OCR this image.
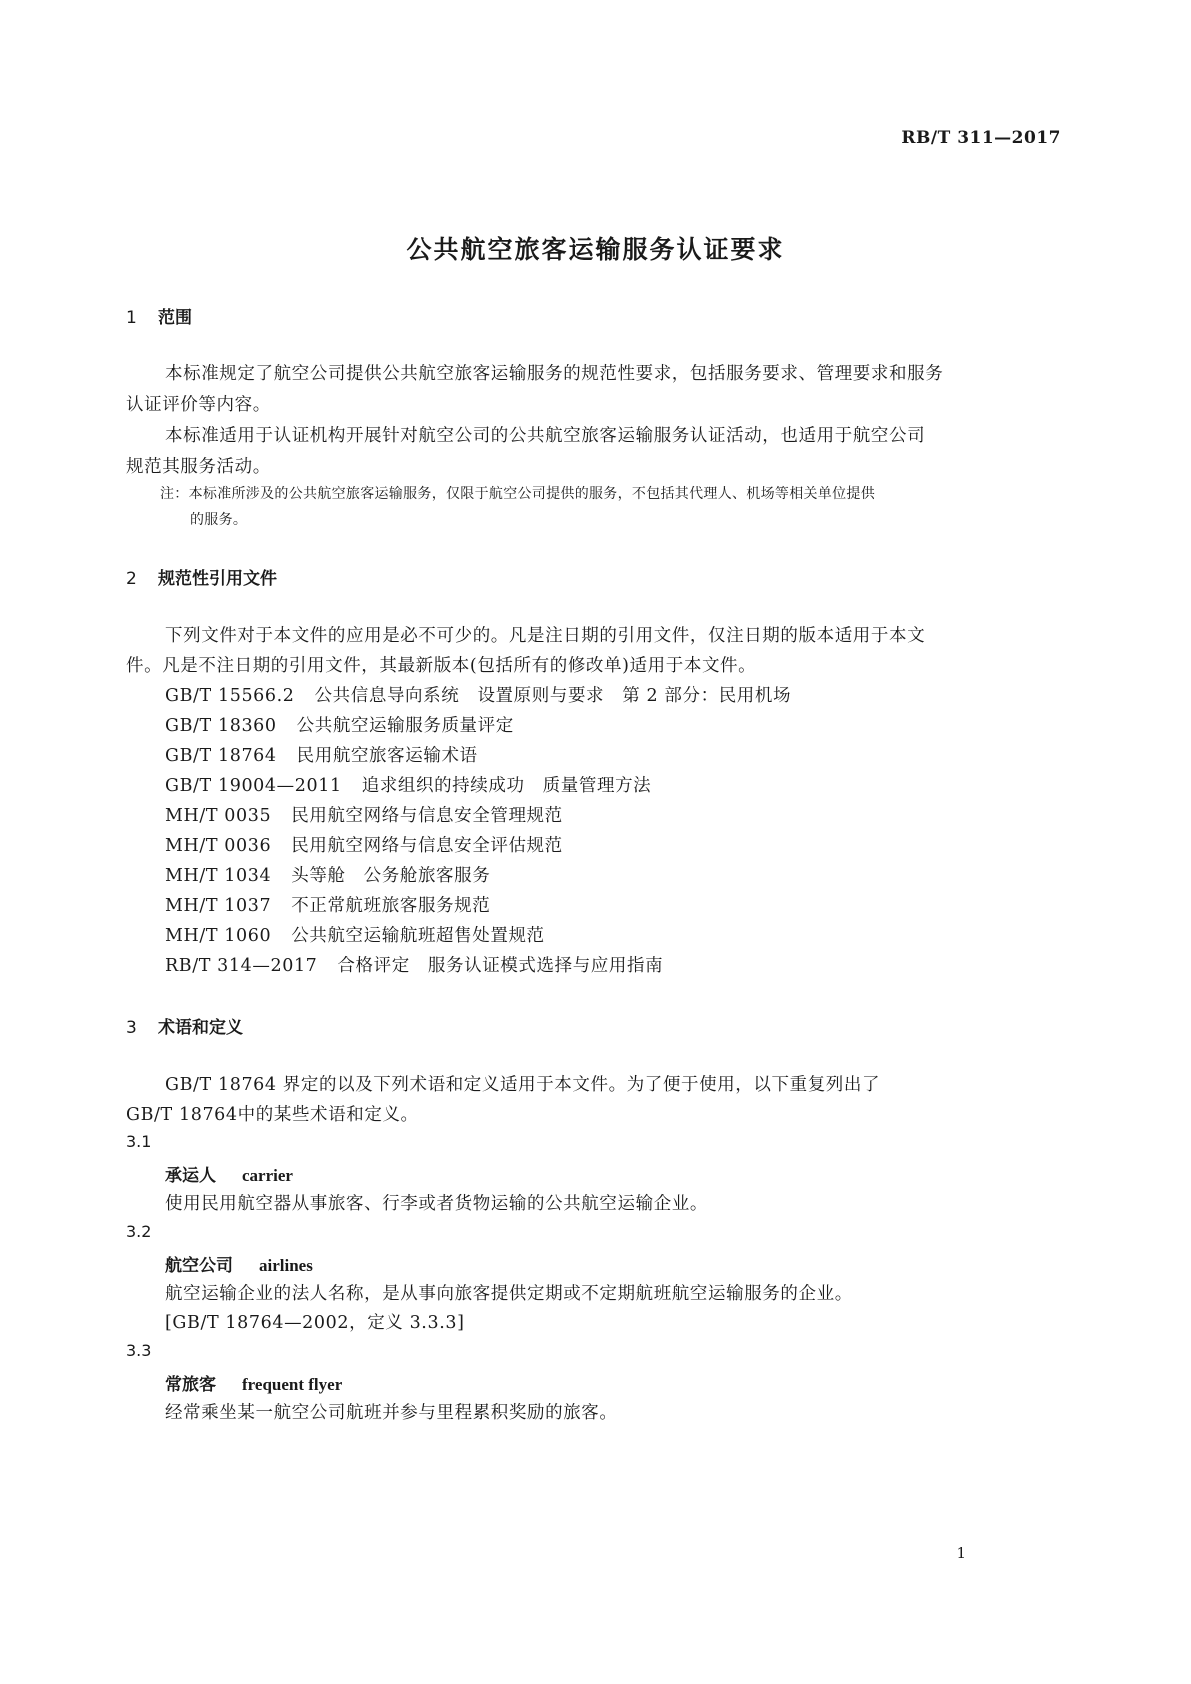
RB/T 311—2017
公共航空旅客运输服务认证要求
1 范围
本标准规定了航空公司提供公共航空旅客运输服务的规范性要求，包括服务要求、管理要求和服务
认证评价等内容。
本标准适用于认证机构开展针对航空公司的公共航空旅客运输服务认证活动，也适用于航空公司
规范其服务活动。
注：本标准所涉及的公共航空旅客运输服务，仅限于航空公司提供的服务，不包括其代理人、机场等相关单位提供
的服务。
2 规范性引用文件
下列文件对于本文件的应用是必不可少的。凡是注日期的引用文件，仅注日期的版本适用于本文
件。凡是不注日期的引用文件，其最新版本(包括所有的修改单)适用于本文件。
GB/T 15566.2 公共信息导向系统　设置原则与要求　第 2 部分：民用机场
GB/T 18360 公共航空运输服务质量评定
GB/T 18764 民用航空旅客运输术语
GB/T 19004—2011 追求组织的持续成功　质量管理方法
MH/T 0035 民用航空网络与信息安全管理规范
MH/T 0036 民用航空网络与信息安全评估规范
MH/T 1034 头等舱　公务舱旅客服务
MH/T 1037 不正常航班旅客服务规范
MH/T 1060 公共航空运输航班超售处置规范
RB/T 314—2017 合格评定　服务认证模式选择与应用指南
3 术语和定义
GB/T 18764 界定的以及下列术语和定义适用于本文件。为了便于使用，以下重复列出了
GB/T 18764中的某些术语和定义。
3.1
承运人 carrier
使用民用航空器从事旅客、行李或者货物运输的公共航空运输企业。
3.2
航空公司 airlines
航空运输企业的法人名称，是从事向旅客提供定期或不定期航班航空运输服务的企业。
[GB/T 18764—2002，定义 3.3.3]
3.3
常旅客 frequent flyer
经常乘坐某一航空公司航班并参与里程累积奖励的旅客。
1
